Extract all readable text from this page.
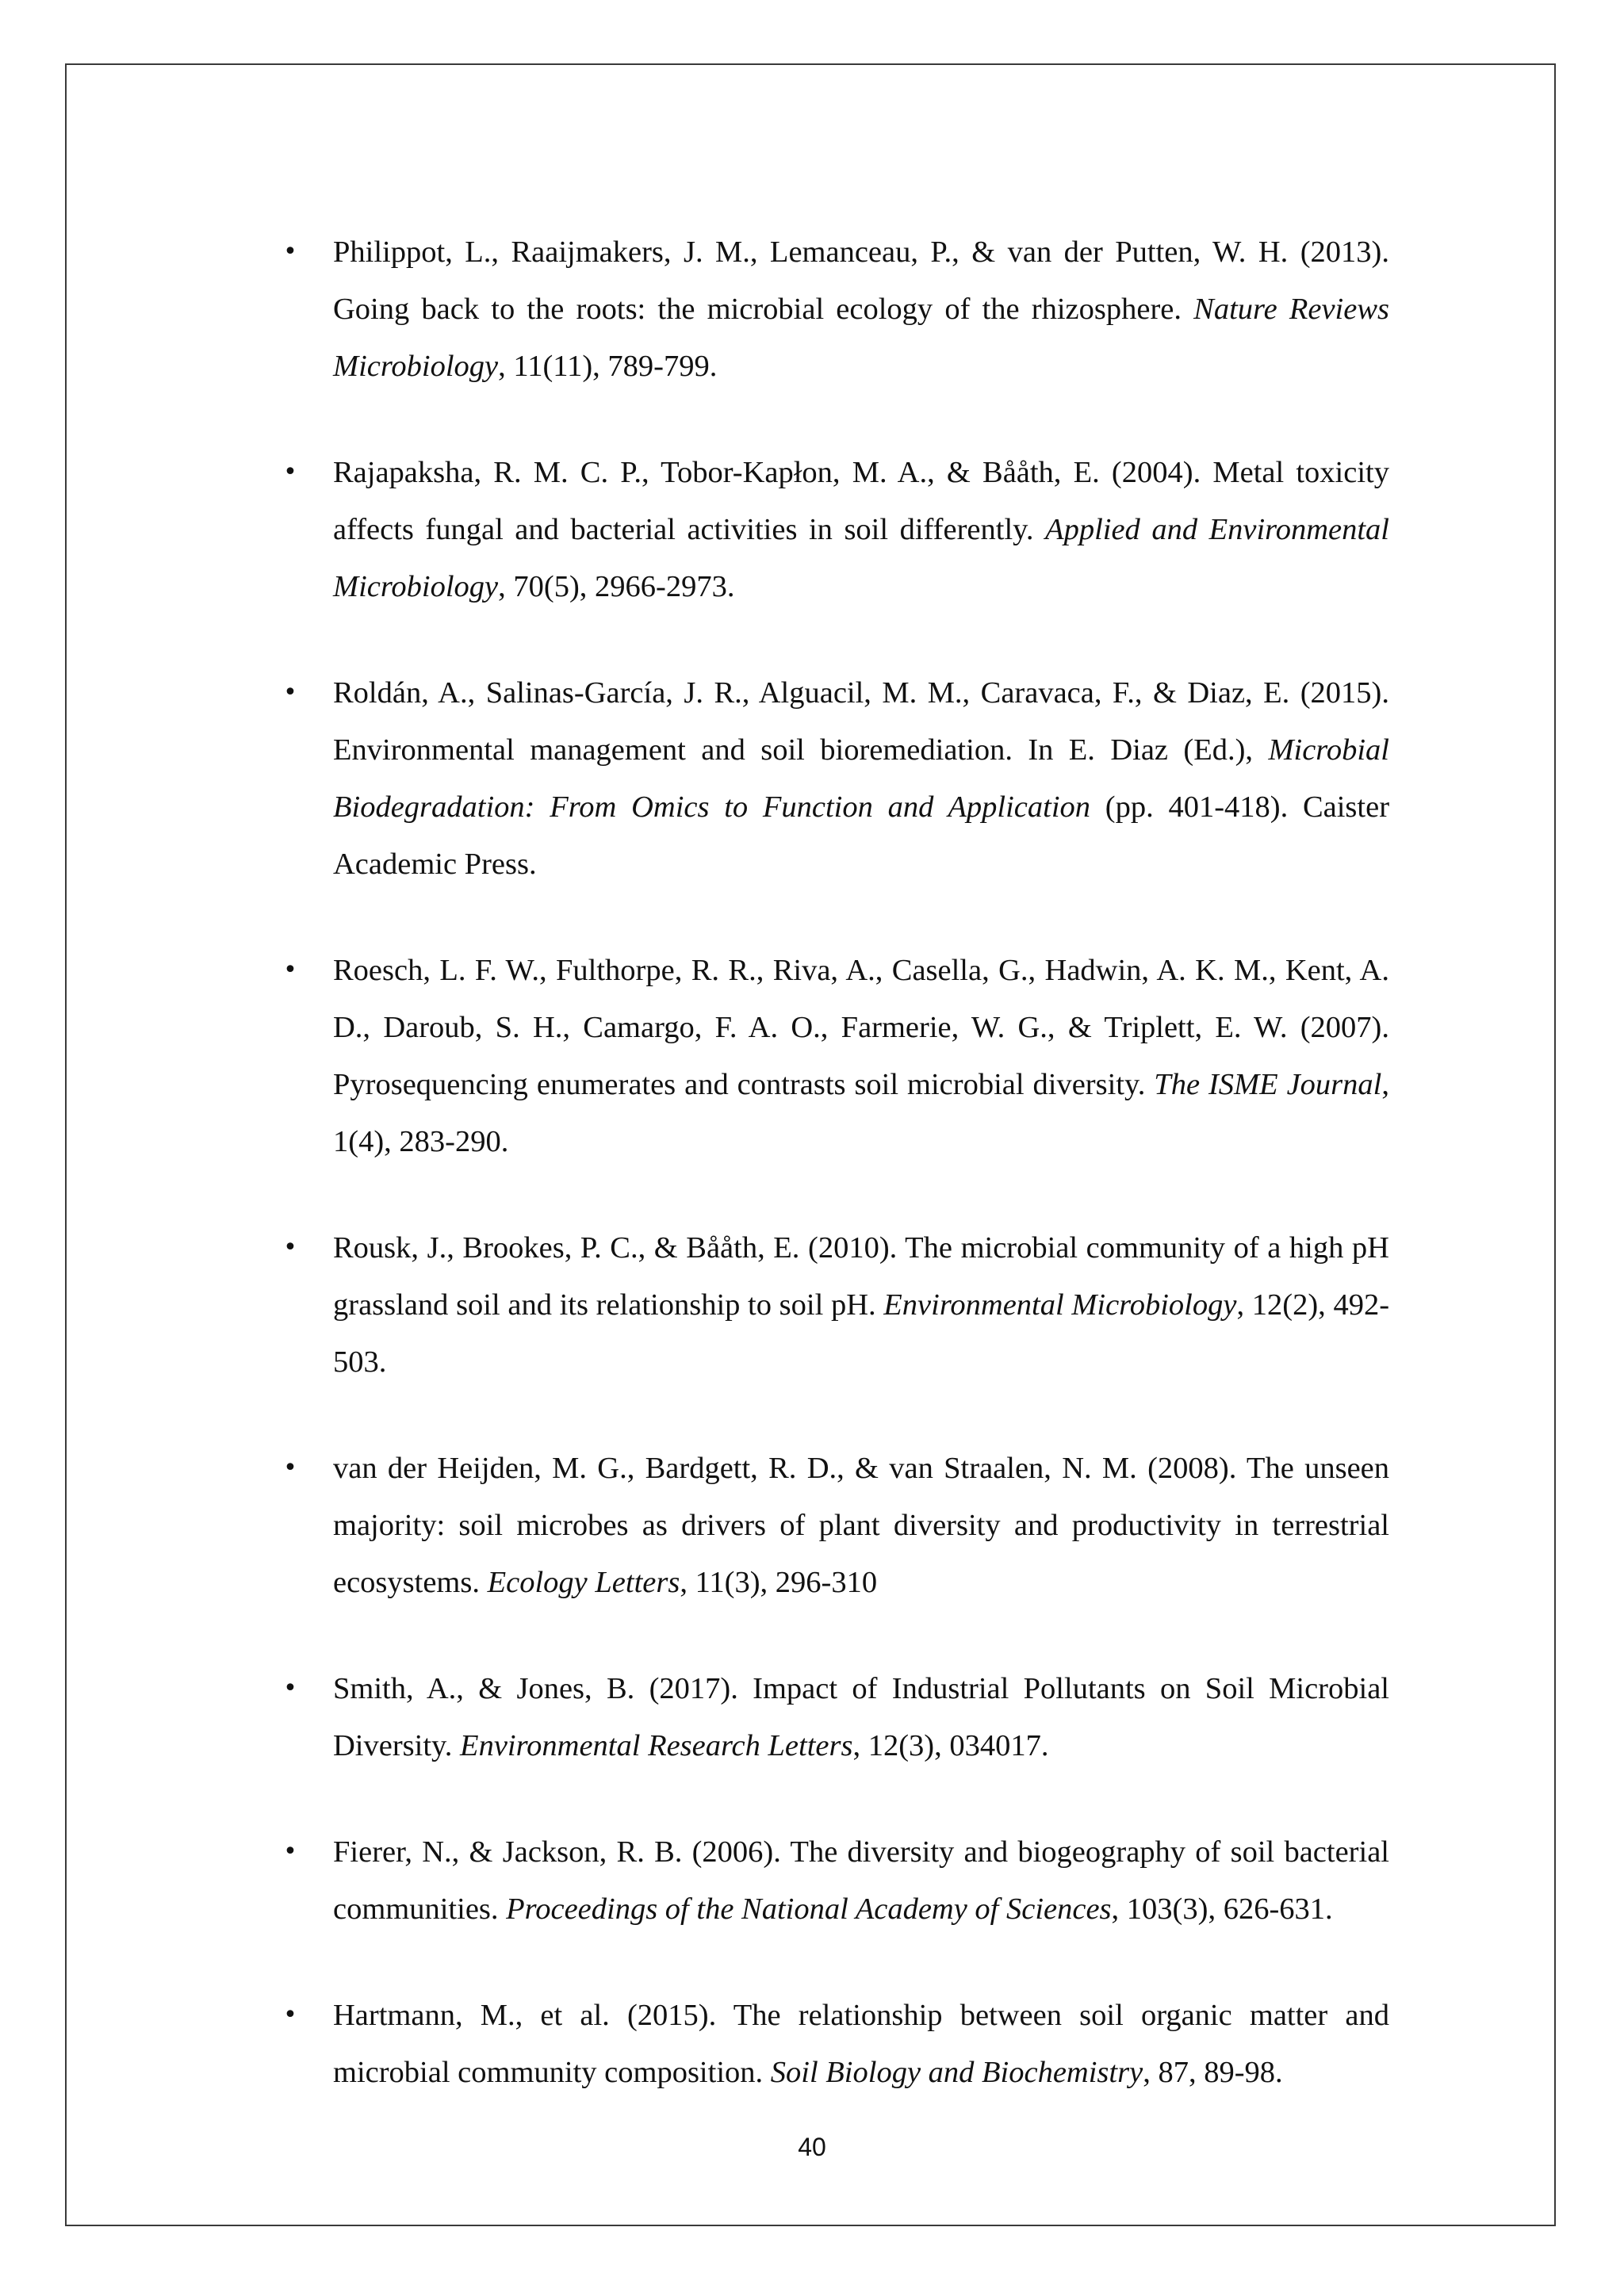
• Philippot, L., Raaijmakers, J. M., Lemanceau, P., & van der Putten, W. H. (2013). Going back to the roots: the microbial ecology of the rhizosphere. Nature Reviews Microbiology, 11(11), 789-799.
• Rajapaksha, R. M. C. P., Tobor-Kapłon, M. A., & Bååth, E. (2004). Metal toxicity affects fungal and bacterial activities in soil differently. Applied and Environmental Microbiology, 70(5), 2966-2973.
• Roldán, A., Salinas-García, J. R., Alguacil, M. M., Caravaca, F., & Diaz, E. (2015). Environmental management and soil bioremediation. In E. Diaz (Ed.), Microbial Biodegradation: From Omics to Function and Application (pp. 401-418). Caister Academic Press.
• Roesch, L. F. W., Fulthorpe, R. R., Riva, A., Casella, G., Hadwin, A. K. M., Kent, A. D., Daroub, S. H., Camargo, F. A. O., Farmerie, W. G., & Triplett, E. W. (2007). Pyrosequencing enumerates and contrasts soil microbial diversity. The ISME Journal, 1(4), 283-290.
• Rousk, J., Brookes, P. C., & Bååth, E. (2010). The microbial community of a high pH grassland soil and its relationship to soil pH. Environmental Microbiology, 12(2), 492-503.
• van der Heijden, M. G., Bardgett, R. D., & van Straalen, N. M. (2008). The unseen majority: soil microbes as drivers of plant diversity and productivity in terrestrial ecosystems. Ecology Letters, 11(3), 296-310
• Smith, A., & Jones, B. (2017). Impact of Industrial Pollutants on Soil Microbial Diversity. Environmental Research Letters, 12(3), 034017.
• Fierer, N., & Jackson, R. B. (2006). The diversity and biogeography of soil bacterial communities. Proceedings of the National Academy of Sciences, 103(3), 626-631.
• Hartmann, M., et al. (2015). The relationship between soil organic matter and microbial community composition. Soil Biology and Biochemistry, 87, 89-98.
40
